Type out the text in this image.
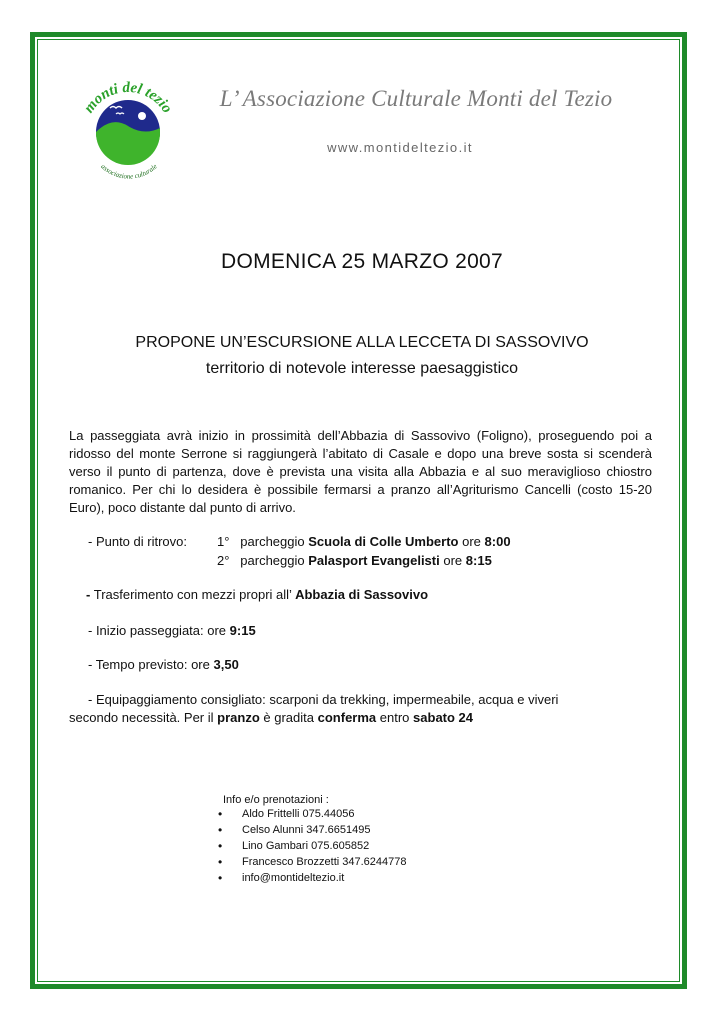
monti del tezio
associazione culturale
L’ Associazione Culturale Monti del Tezio
www.montideltezio.it
DOMENICA 25 MARZO 2007
PROPONE UN’ESCURSIONE ALLA LECCETA DI SASSOVIVO
territorio di notevole interesse paesaggistico
La passeggiata avrà inizio in prossimità dell’Abbazia di Sassovivo (Foligno), proseguendo poi a ridosso del monte Serrone si raggiungerà l’abitato di Casale e dopo una breve sosta si scenderà verso il punto di partenza, dove è prevista una visita alla Abbazia e al suo meraviglioso chiostro romanico. Per chi lo desidera è possibile fermarsi a pranzo all’Agriturismo Cancelli (costo 15-20 Euro), poco distante dal punto di arrivo.
- Punto di ritrovo: 1° parcheggio Scuola di Colle Umberto ore 8:00
2° parcheggio Palasport Evangelisti ore 8:15
- Trasferimento con mezzi propri all’ Abbazia di Sassovivo
- Inizio passeggiata: ore 9:15
- Tempo previsto: ore 3,50
- Equipaggiamento consigliato: scarponi da trekking, impermeabile, acqua e viveri
secondo necessità. Per il pranzo è gradita conferma entro sabato 24
Info e/o prenotazioni :
• Aldo Frittelli 075.44056
• Celso Alunni 347.6651495
• Lino Gambari 075.605852
• Francesco Brozzetti 347.6244778
• info@montideltezio.it
